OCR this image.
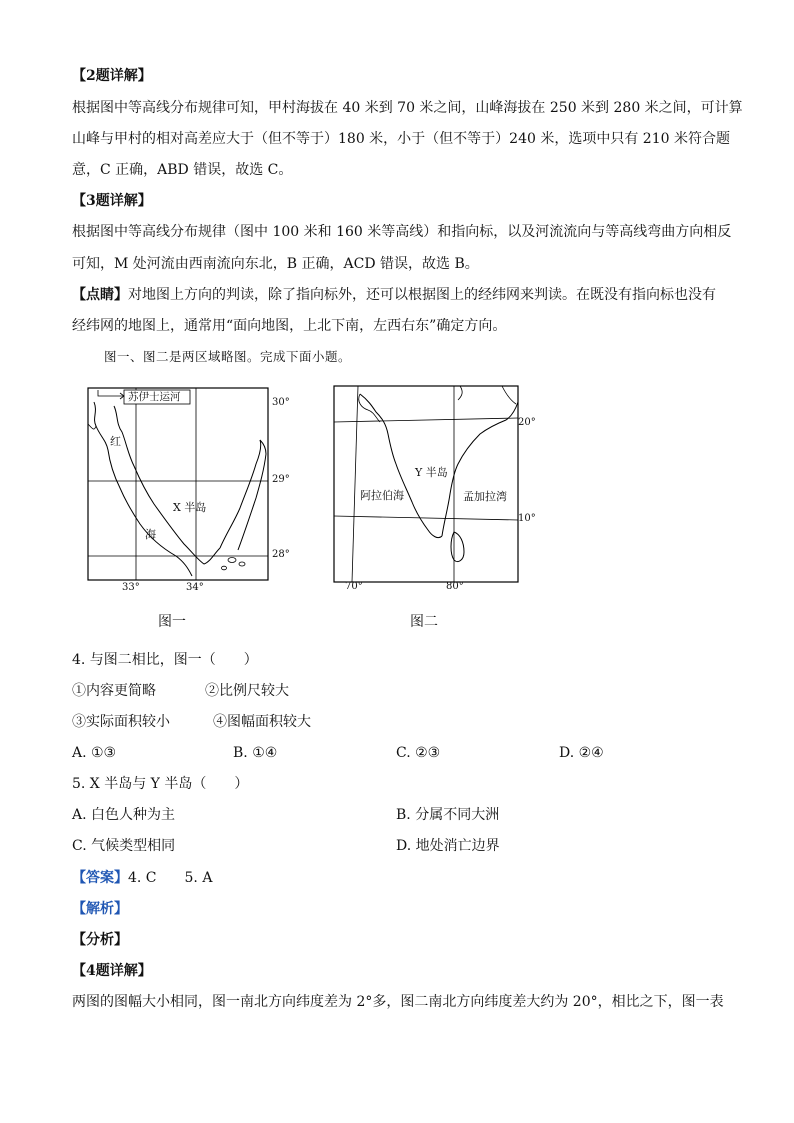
【2题详解】
根据图中等高线分布规律可知，甲村海拔在 40 米到 70 米之间，山峰海拔在 250 米到 280 米之间，可计算
山峰与甲村的相对高差应大于（但不等于）180 米，小于（但不等于）240 米，选项中只有 210 米符合题
意，C 正确，ABD 错误，故选 C。
【3题详解】
根据图中等高线分布规律（图中 100 米和 160 米等高线）和指向标，以及河流流向与等高线弯曲方向相反
可知，M 处河流由西南流向东北，B 正确，ACD 错误，故选 B。
【点睛】对地图上方向的判读，除了指向标外，还可以根据图上的经纬网来判读。在既没有指向标也没有
经纬网的地图上，通常用“面向地图，上北下南，左西右东”确定方向。
图一、图二是两区域略图。完成下面小题。
苏伊士运河
红
海
X 半岛
30°
29°
28°
33°	34°
图一
Y 半岛
阿拉伯海	孟加拉湾
20°
10°
70°	80°
图二
4. 与图二相比，图一（　　）
①内容更简略	②比例尺较大
③实际面积较小	④图幅面积较大
A. ①③	B. ①④	C. ②③	D. ②④
5. X 半岛与 Y 半岛（　　）
A. 白色人种为主	B. 分属不同大洲
C. 气候类型相同	D. 地处消亡边界
【答案】4. C　　5. A
【解析】
【分析】
【4题详解】
两图的图幅大小相同，图一南北方向纬度差为 2°多，图二南北方向纬度差大约为 20°，相比之下，图一表
